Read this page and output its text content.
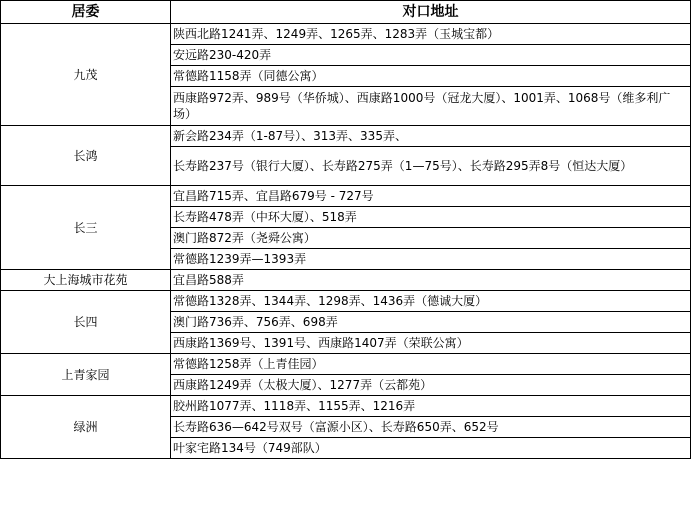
居委	对口地址
九茂	陕西北路1241弄、1249弄、1265弄、1283弄（玉城宝都）
	安远路230-420弄
	常德路1158弄（同德公寓）
	西康路972弄、989号（华侨城）、西康路1000号（冠龙大厦）、1001弄、1068号（维多利广场）
长鸿	新会路234弄（1-87号）、313弄、335弄、
	长寿路237号（银行大厦）、长寿路275弄（1—75号）、长寿路295弄8号（恒达大厦）
长三	宜昌路715弄、宜昌路679号 - 727号
	长寿路478弄（中环大厦）、518弄
	澳门路872弄（尧舜公寓）
	常德路1239弄—1393弄
大上海城市花苑	宜昌路588弄
长四	常德路1328弄、1344弄、1298弄、1436弄（德诚大厦）
	澳门路736弄、756弄、698弄
	西康路1369号、1391号、西康路1407弄（荣联公寓）
上青家园	常德路1258弄（上青佳园）
	西康路1249弄（太极大厦）、1277弄（云都苑）
绿洲	胶州路1077弄、1118弄、1155弄、1216弄
	长寿路636—642号双号（富源小区）、长寿路650弄、652号
	叶家宅路134号（749部队）
